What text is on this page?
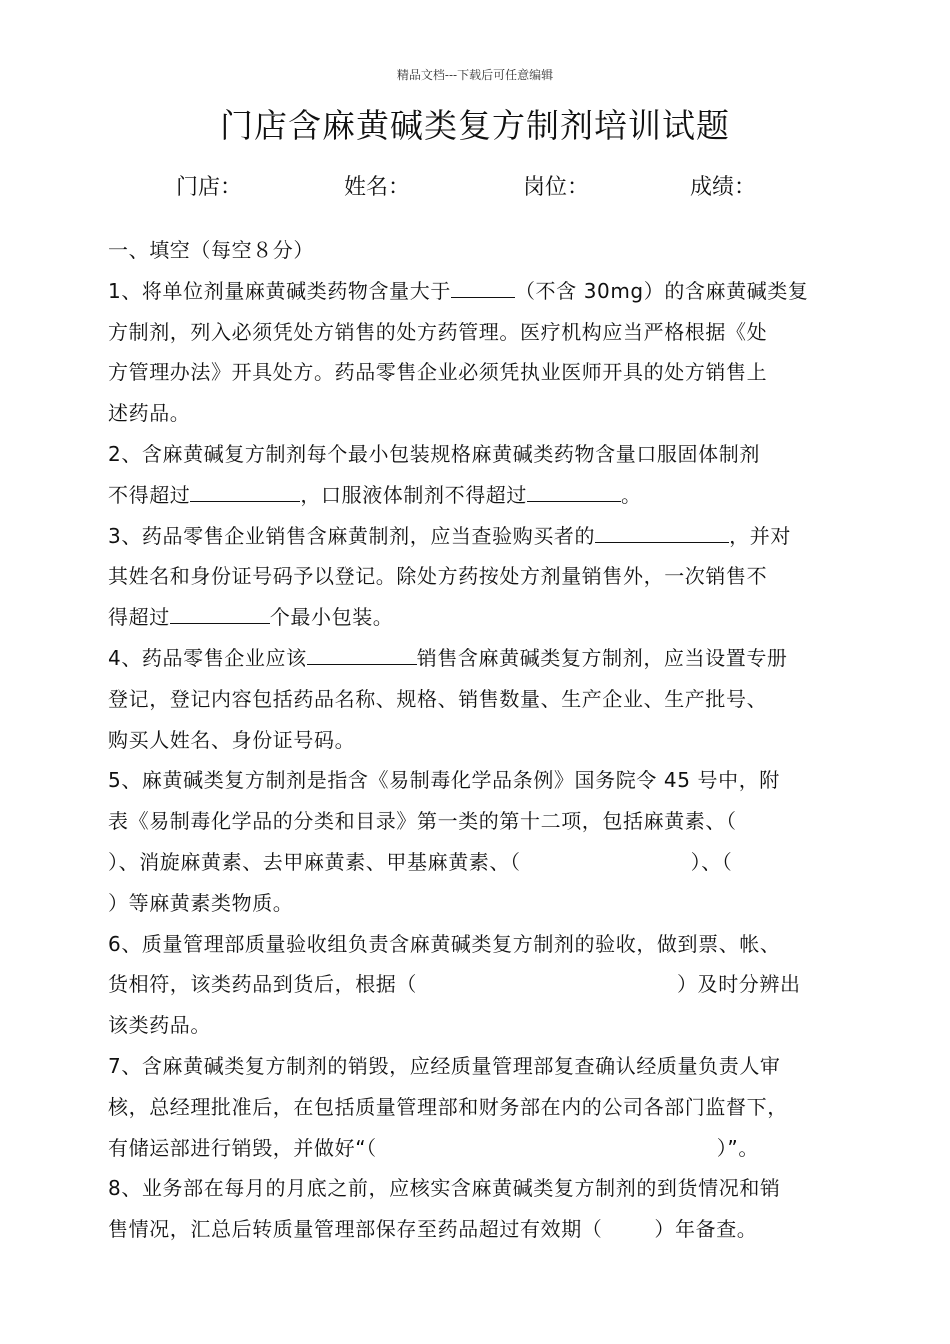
精品文档---下载后可任意编辑
门店含麻黄碱类复方制剂培训试题
门店：	姓名：	岗位：	成绩：

一、填空（每空８分）

1、将单位剂量麻黄碱类药物含量大于	（不含 30mg）的含麻黄碱类复

方制剂，列入必须凭处方销售的处方药管理。医疗机构应当严格根据《处

方管理办法》开具处方。药品零售企业必须凭执业医师开具的处方销售上

述药品。

2、含麻黄碱复方制剂每个最小包装规格麻黄碱类药物含量口服固体制剂

不得超过	，口服液体制剂不得超过	。

3、药品零售企业销售含麻黄制剂，应当查验购买者的	，并对

其姓名和身份证号码予以登记。除处方药按处方剂量销售外，一次销售不

得超过	个最小包装。

4、药品零售企业应该	销售含麻黄碱类复方制剂，应当设置专册

登记，登记内容包括药品名称、规格、销售数量、生产企业、生产批号、

购买人姓名、身份证号码。

5、麻黄碱类复方制剂是指含《易制毒化学品条例》国务院令 45 号中，附

表《易制毒化学品的分类和目录》第一类的第十二项，包括麻黄素、（

）、消旋麻黄素、去甲麻黄素、甲基麻黄素、（	）、（

）等麻黄素类物质。

6、质量管理部质量验收组负责含麻黄碱类复方制剂的验收，做到票、帐、

货相符，该类药品到货后，根据（	）及时分辨出

该类药品。

7、含麻黄碱类复方制剂的销毁，应经质量管理部复查确认经质量负责人审

核，总经理批准后，在包括质量管理部和财务部在内的公司各部门监督下，

有储运部进行销毁，并做好“（	）”。

8、业务部在每月的月底之前，应核实含麻黄碱类复方制剂的到货情况和销

售情况，汇总后转质量管理部保存至药品超过有效期（	）年备查。
